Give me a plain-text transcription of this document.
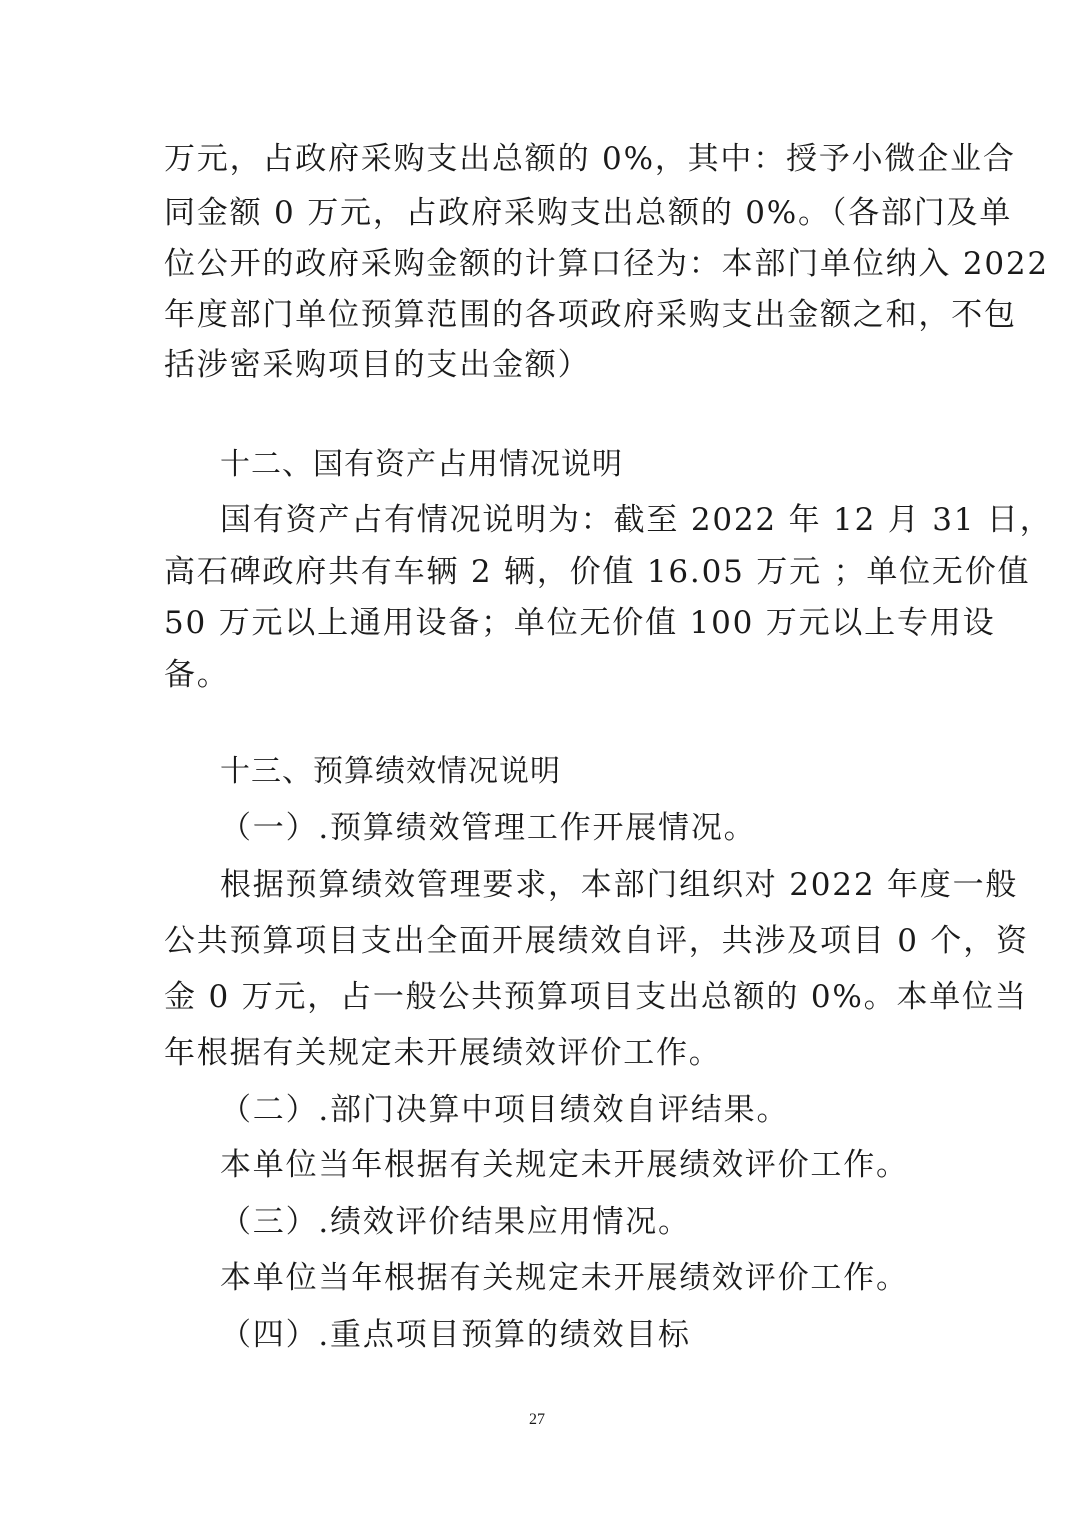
万元，占政府采购支出总额的 0%，其中：授予小微企业合
同金额 0 万元，占政府采购支出总额的 0%。（各部门及单
位公开的政府采购金额的计算口径为：本部门单位纳入 2022
年度部门单位预算范围的各项政府采购支出金额之和，不包
括涉密采购项目的支出金额）
十二、国有资产占用情况说明
国有资产占有情况说明为：截至 2022 年 12 月 31 日，
高石碑政府共有车辆 2 辆，价值 16.05 万元 ；单位无价值
50 万元以上通用设备；单位无价值 100 万元以上专用设
备。
十三、预算绩效情况说明
（一）.预算绩效管理工作开展情况。
根据预算绩效管理要求，本部门组织对 2022 年度一般
公共预算项目支出全面开展绩效自评，共涉及项目 0 个，资
金 0 万元，占一般公共预算项目支出总额的 0%。本单位当
年根据有关规定未开展绩效评价工作。
（二）.部门决算中项目绩效自评结果。
本单位当年根据有关规定未开展绩效评价工作。
（三）.绩效评价结果应用情况。
本单位当年根据有关规定未开展绩效评价工作。
（四）.重点项目预算的绩效目标
27
